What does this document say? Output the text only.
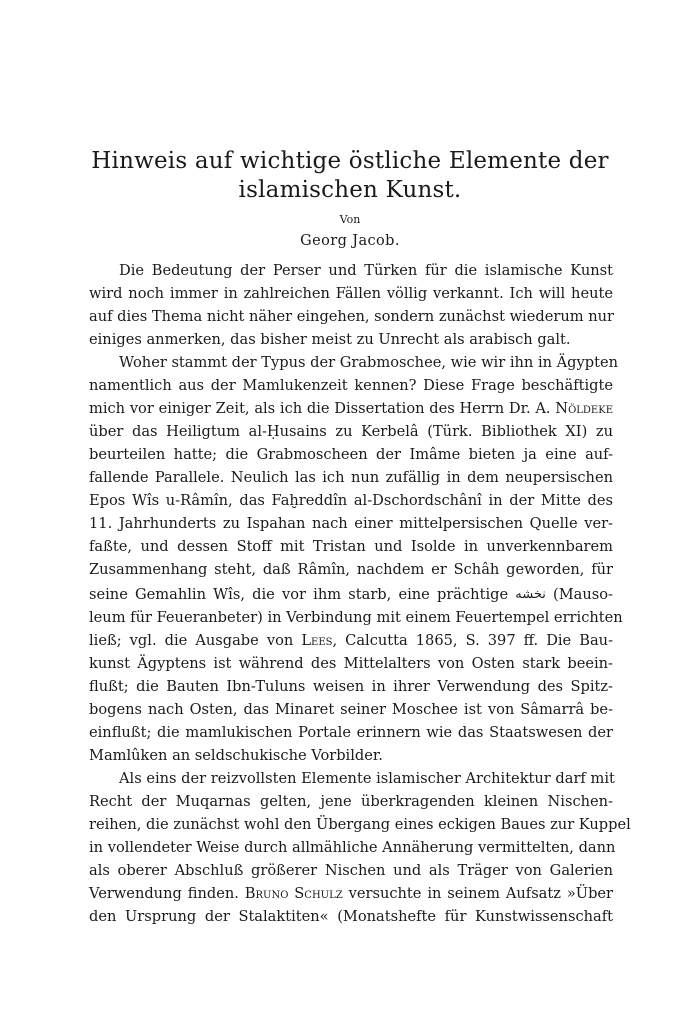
Hinweis auf wichtige östliche Elemente der
islamischen Kunst.
Von
Georg Jacob.
Die Bedeutung der Perser und Türken für die islamische Kunst
wird noch immer in zahlreichen Fällen völlig verkannt. Ich will heute
auf dies Thema nicht näher eingehen, sondern zunächst wiederum nur
einiges anmerken, das bisher meist zu Unrecht als arabisch galt.
Woher stammt der Typus der Grabmoschee, wie wir ihn in Ägypten
namentlich aus der Mamlukenzeit kennen? Diese Frage beschäftigte
mich vor einiger Zeit, als ich die Dissertation des Herrn Dr. A. Nöldeke
über das Heiligtum al-Ḥusains zu Kerbelâ (Türk. Bibliothek XI) zu
beurteilen hatte; die Grabmoscheen der Imâme bieten ja eine auf-
fallende Parallele. Neulich las ich nun zufällig in dem neupersischen
Epos Wîs u-Râmîn, das Faḫreddîn al-Dschordschânî in der Mitte des
11. Jahrhunderts zu Ispahan nach einer mittelpersischen Quelle ver-
faßte, und dessen Stoff mit Tristan und Isolde in unverkennbarem
Zusammenhang steht, daß Râmîn, nachdem er Schâh geworden, für
seine Gemahlin Wîs, die vor ihm starb, eine prächtige نخشه (Mauso-
leum für Feueranbeter) in Verbindung mit einem Feuertempel errichten
ließ; vgl. die Ausgabe von Lees, Calcutta 1865, S. 397 ff. Die Bau-
kunst Ägyptens ist während des Mittelalters von Osten stark beein-
flußt; die Bauten Ibn-Tuluns weisen in ihrer Verwendung des Spitz-
bogens nach Osten, das Minaret seiner Moschee ist von Sâmarrâ be-
einflußt; die mamlukischen Portale erinnern wie das Staatswesen der
Mamlûken an seldschukische Vorbilder.
Als eins der reizvollsten Elemente islamischer Architektur darf mit
Recht der Muqarnas gelten, jene überkragenden kleinen Nischen-
reihen, die zunächst wohl den Übergang eines eckigen Baues zur Kuppel
in vollendeter Weise durch allmähliche Annäherung vermittelten, dann
als oberer Abschluß größerer Nischen und als Träger von Galerien
Verwendung finden. Bruno Schulz versuchte in seinem Aufsatz »Über
den Ursprung der Stalaktiten« (Monatshefte für Kunstwissenschaft
